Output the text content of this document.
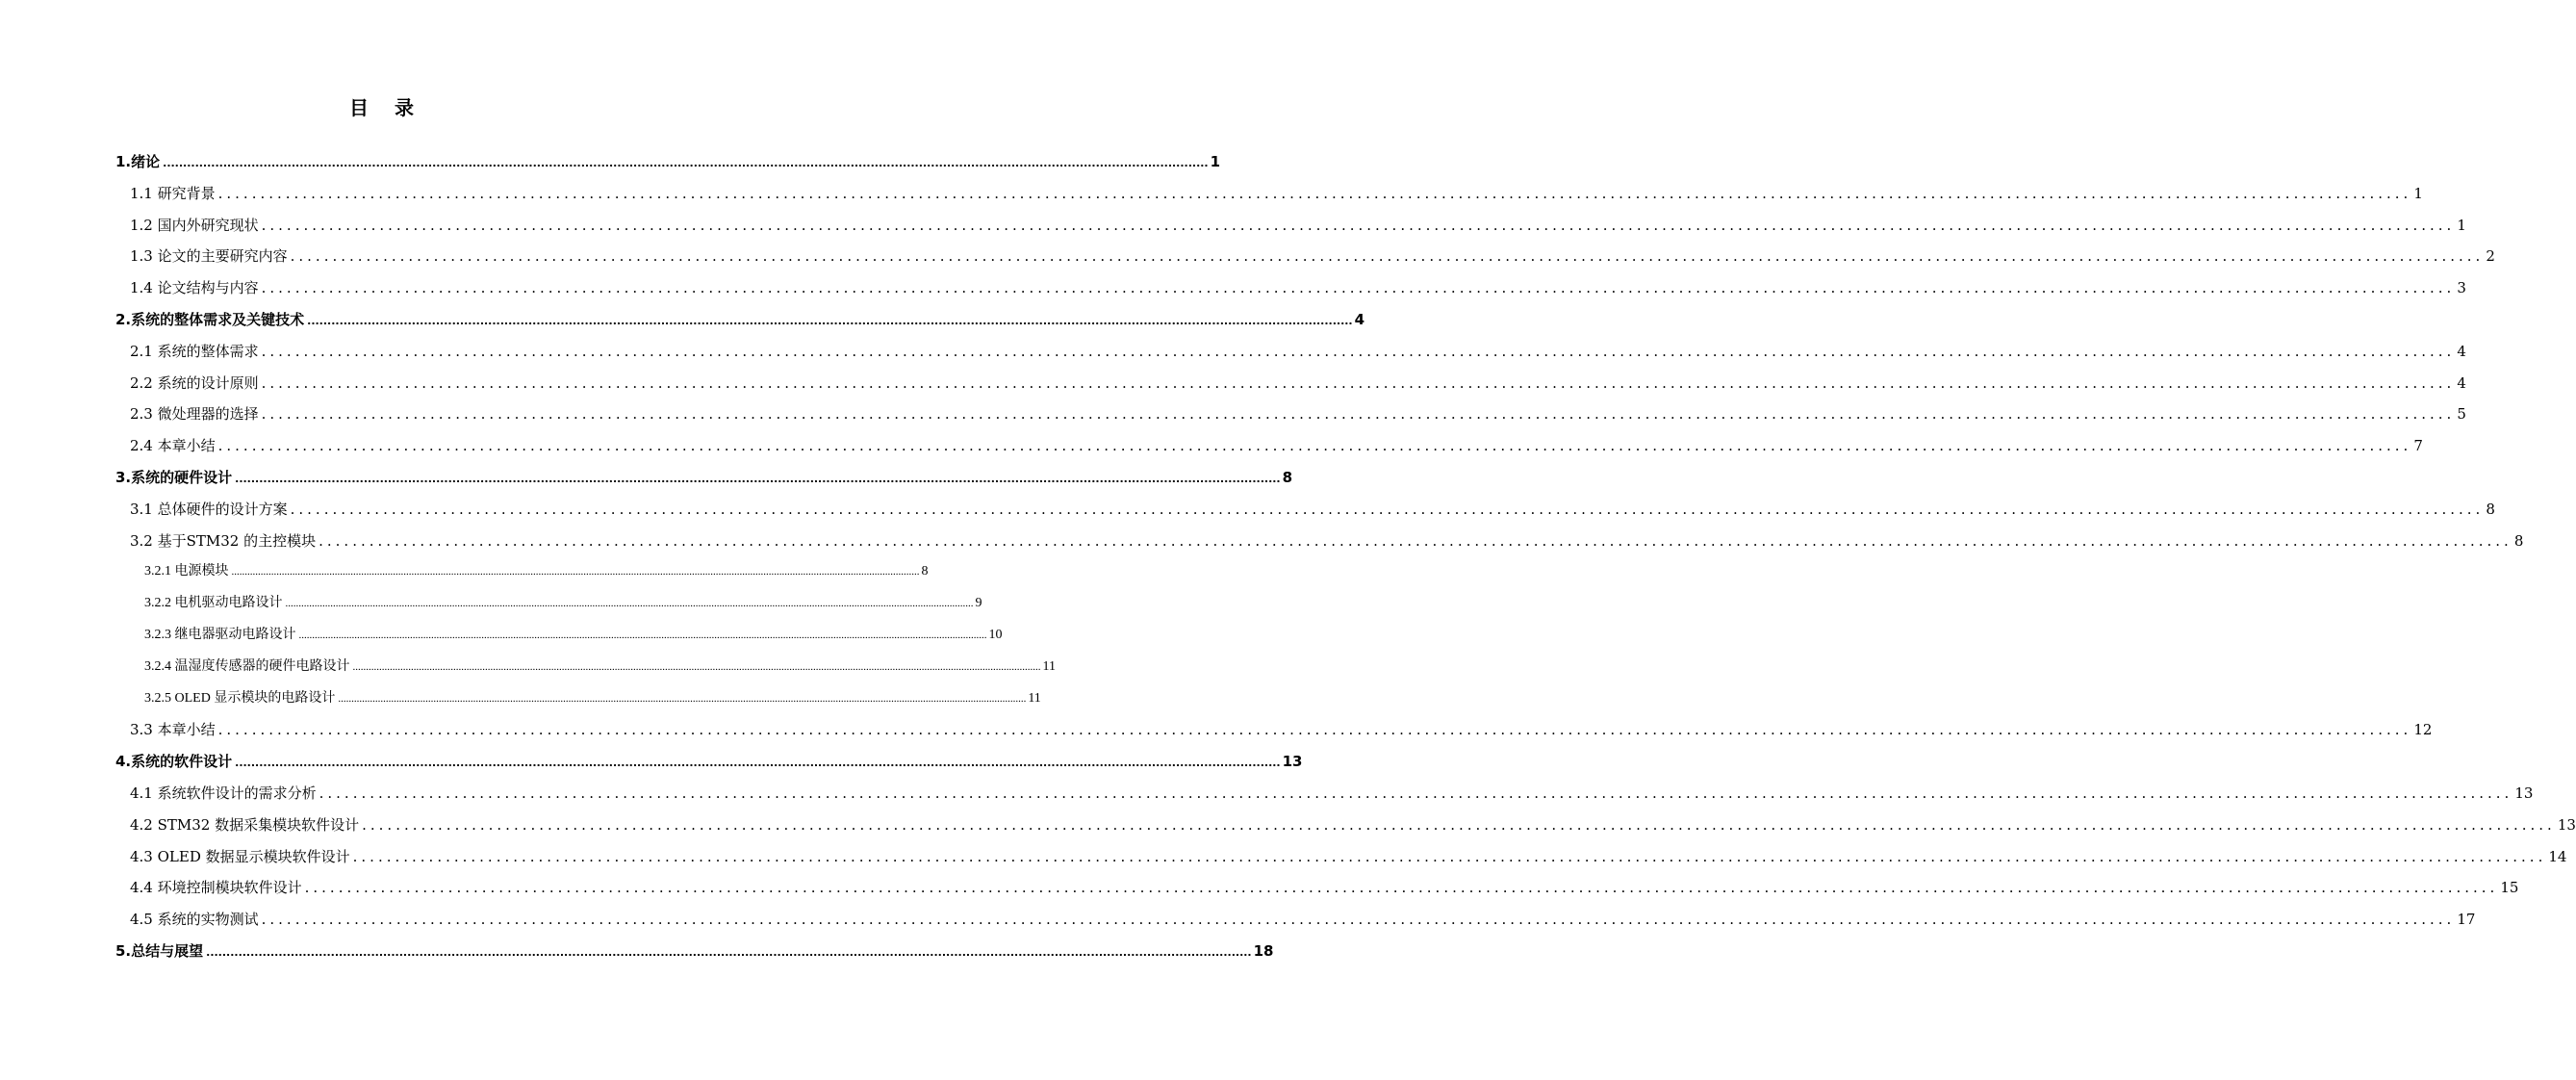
目 录
1.绪论 .................................................................................................................................................................................................................................................................... 1
1.1 研究背景 .................................................................................................................................................................................................................................................................... 1
1.2 国内外研究现状 .................................................................................................................................................................................................................................................................... 1
1.3 论文的主要研究内容 .................................................................................................................................................................................................................................................................... 2
1.4 论文结构与内容 .................................................................................................................................................................................................................................................................... 3
2.系统的整体需求及关键技术 .................................................................................................................................................................................................................................................................... 4
2.1 系统的整体需求 .................................................................................................................................................................................................................................................................... 4
2.2 系统的设计原则 .................................................................................................................................................................................................................................................................... 4
2.3 微处理器的选择 .................................................................................................................................................................................................................................................................... 5
2.4 本章小结 .................................................................................................................................................................................................................................................................... 7
3.系统的硬件设计 .................................................................................................................................................................................................................................................................... 8
3.1 总体硬件的设计方案 .................................................................................................................................................................................................................................................................... 8
3.2 基于STM32 的主控模块 .................................................................................................................................................................................................................................................................... 8
3.2.1 电源模块 .................................................................................................................................................................................................................................................................... 8
3.2.2 电机驱动电路设计 .................................................................................................................................................................................................................................................................... 9
3.2.3 继电器驱动电路设计 .................................................................................................................................................................................................................................................................... 10
3.2.4 温湿度传感器的硬件电路设计 .................................................................................................................................................................................................................................................................... 11
3.2.5 OLED 显示模块的电路设计 .................................................................................................................................................................................................................................................................... 11
3.3 本章小结 .................................................................................................................................................................................................................................................................... 12
4.系统的软件设计 .................................................................................................................................................................................................................................................................... 13
4.1 系统软件设计的需求分析 .................................................................................................................................................................................................................................................................... 13
4.2 STM32 数据采集模块软件设计 .................................................................................................................................................................................................................................................................... 13
4.3 OLED 数据显示模块软件设计 .................................................................................................................................................................................................................................................................... 14
4.4 环境控制模块软件设计 .................................................................................................................................................................................................................................................................... 15
4.5 系统的实物测试 .................................................................................................................................................................................................................................................................... 17
5.总结与展望 .................................................................................................................................................................................................................................................................... 18
